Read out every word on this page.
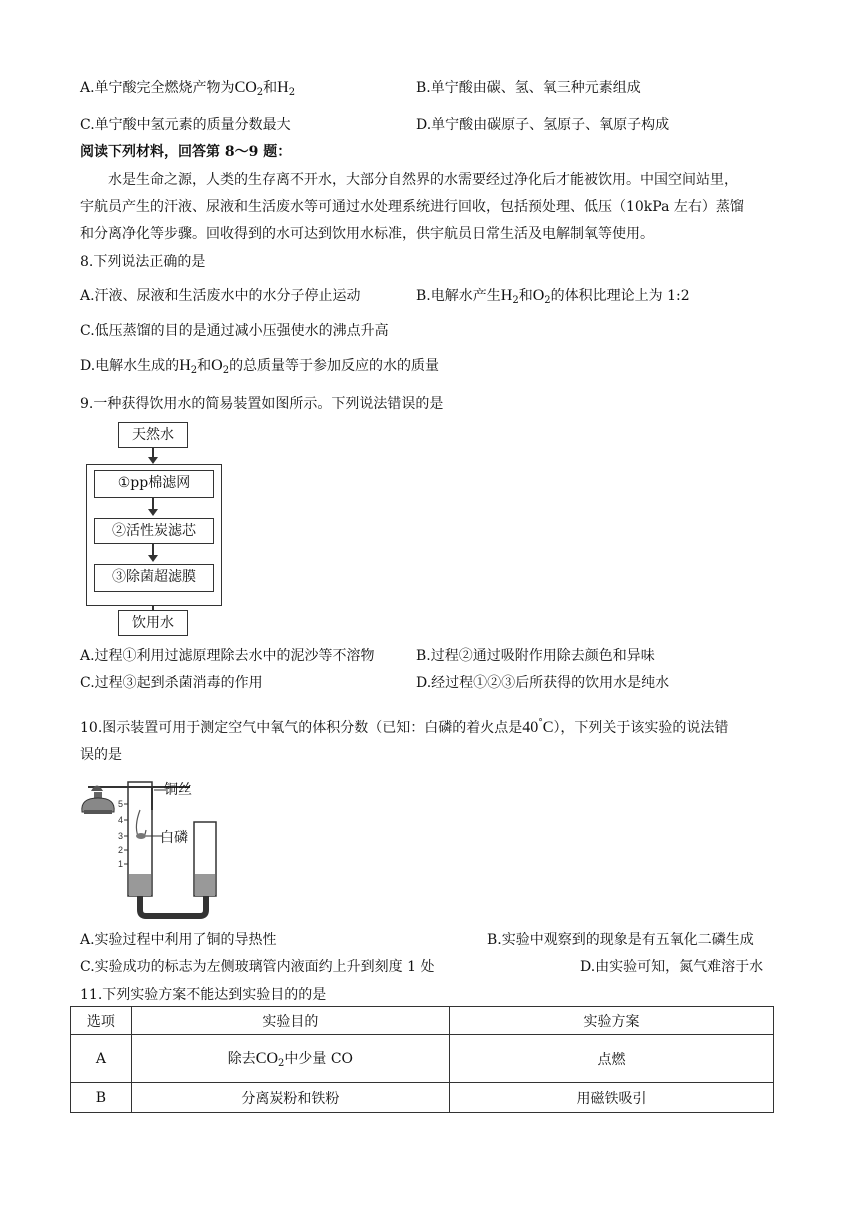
A.单宁酸完全燃烧产物为$CO_2$和$H_2$	B.单宁酸由碳、氢、氧三种元素组成
C.单宁酸中氢元素的质量分数最大	D.单宁酸由碳原子、氢原子、氧原子构成
阅读下列材料，回答第 8～9 题：
水是生命之源，人类的生存离不开水，大部分自然界的水需要经过净化后才能被饮用。中国空间站里，
宇航员产生的汗液、尿液和生活废水等可通过水处理系统进行回收，包括预处理、低压（10kPa 左右）蒸馏
和分离净化等步骤。回收得到的水可达到饮用水标准，供宇航员日常生活及电解制氧等使用。
8.下列说法正确的是
A.汗液、尿液和生活废水中的水分子停止运动	B.电解水产生$H_2$和$O_2$的体积比理论上为 1:2
C.低压蒸馏的目的是通过减小压强使水的沸点升高
D.电解水生成的$H_2$和$O_2$的总质量等于参加反应的水的质量
9.一种获得饮用水的简易装置如图所示。下列说法错误的是
天然水
①pp棉滤网
②活性炭滤芯
③除菌超滤膜
饮用水
A.过程①利用过滤原理除去水中的泥沙等不溶物	B.过程②通过吸附作用除去颜色和异味
C.过程③起到杀菌消毒的作用	D.经过程①②③后所获得的饮用水是纯水
10.图示装置可用于测定空气中氧气的体积分数（已知：白磷的着火点是40°C），下列关于该实验的说法错
误的是
5
4
3
2
1
铜丝
白磷
A.实验过程中利用了铜的导热性	B.实验中观察到的现象是有五氧化二磷生成
C.实验成功的标志为左侧玻璃管内液面约上升到刻度 1 处	D.由实验可知，氮气难溶于水
11.下列实验方案不能达到实验目的的是
选项	实验目的	实验方案
A	除去$CO_2$中少量 CO	点燃
B	分离炭粉和铁粉	用磁铁吸引
